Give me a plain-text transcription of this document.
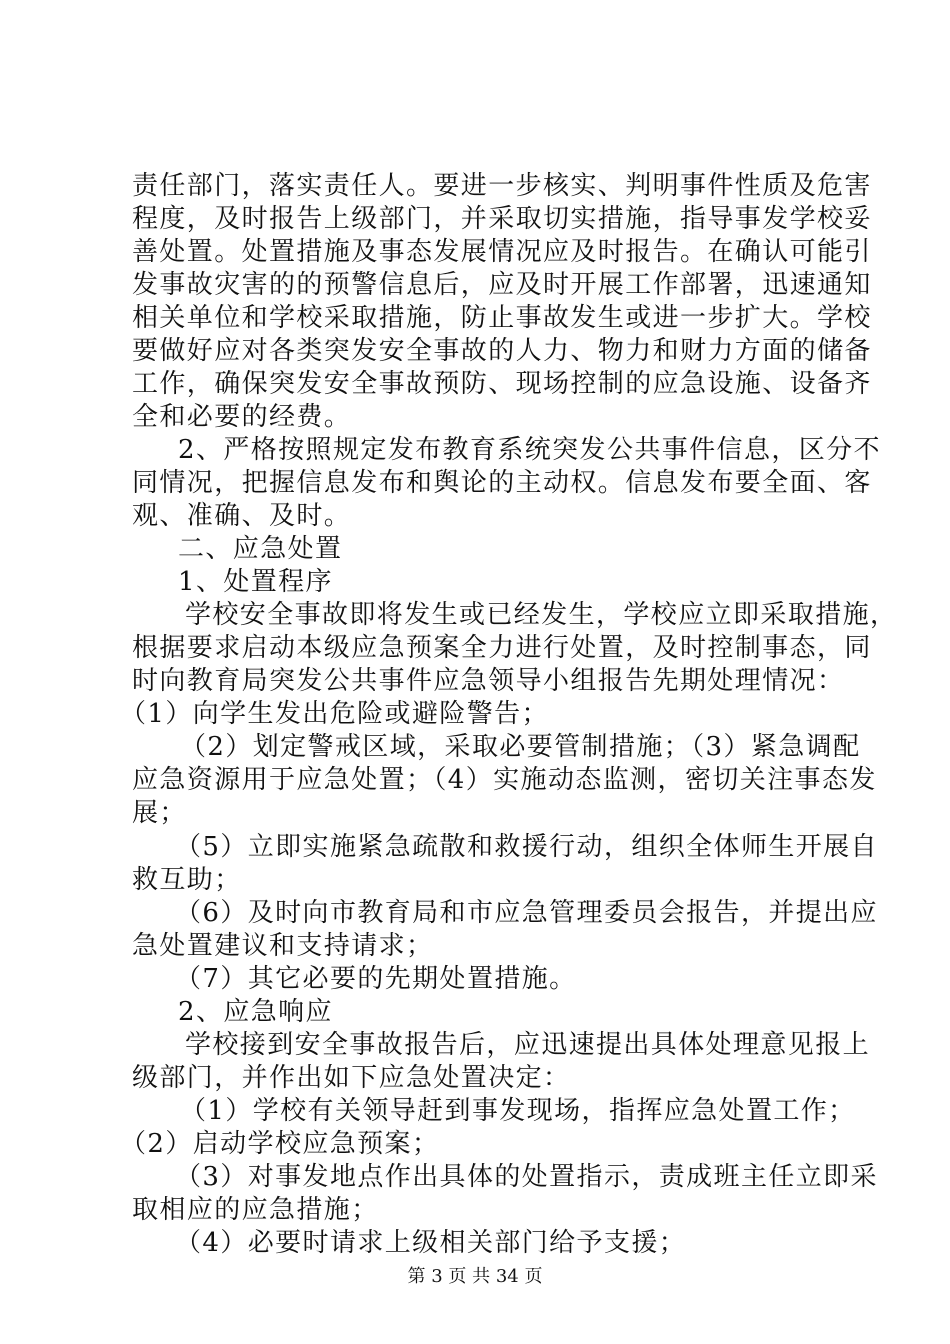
责任部门，落实责任人。要进一步核实、判明事件性质及危害
程度，及时报告上级部门，并采取切实措施，指导事发学校妥
善处置。处置措施及事态发展情况应及时报告。在确认可能引
发事故灾害的的预警信息后，应及时开展工作部署，迅速通知
相关单位和学校采取措施，防止事故发生或进一步扩大。学校
要做好应对各类突发安全事故的人力、物力和财力方面的储备
工作，确保突发安全事故预防、现场控制的应急设施、设备齐
全和必要的经费。
2、严格按照规定发布教育系统突发公共事件信息，区分不
同情况，把握信息发布和舆论的主动权。信息发布要全面、客
观、准确、及时。
二、应急处置
1、处置程序
学校安全事故即将发生或已经发生，学校应立即采取措施，
根据要求启动本级应急预案全力进行处置，及时控制事态，同
时向教育局突发公共事件应急领导小组报告先期处理情况：
（1）向学生发出危险或避险警告；
（2）划定警戒区域，采取必要管制措施；（3）紧急调配
应急资源用于应急处置；（4）实施动态监测，密切关注事态发
展；
（5）立即实施紧急疏散和救援行动，组织全体师生开展自
救互助；
（6）及时向市教育局和市应急管理委员会报告，并提出应
急处置建议和支持请求；
（7）其它必要的先期处置措施。
2、应急响应
学校接到安全事故报告后，应迅速提出具体处理意见报上
级部门，并作出如下应急处置决定：
（1）学校有关领导赶到事发现场，指挥应急处置工作；
（2）启动学校应急预案；
（3）对事发地点作出具体的处置指示，责成班主任立即采
取相应的应急措施；
（4）必要时请求上级相关部门给予支援；
第 3 页 共 34 页
